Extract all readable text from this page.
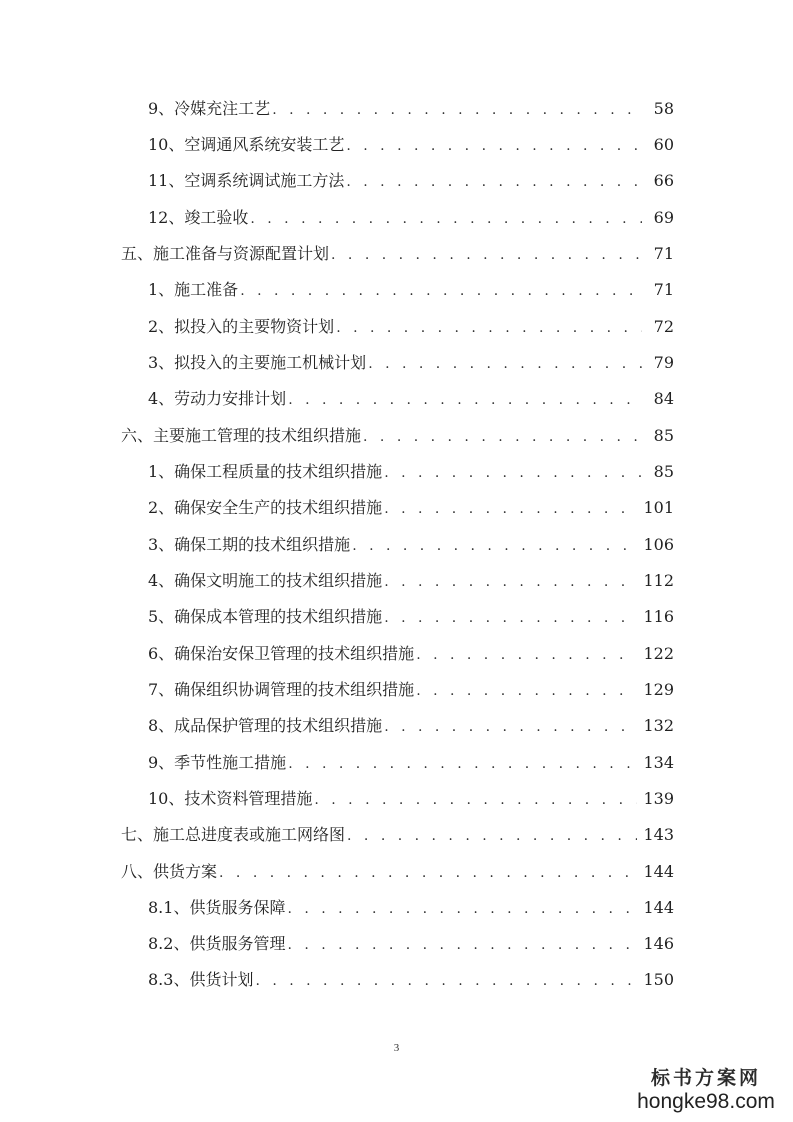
9、冷媒充注工艺 . . .	58
10、空调通风系统安装工艺 . . .	60
11、空调系统调试施工方法 . . .	66
12、竣工验收 . . .	69
五、施工准备与资源配置计划 . . .	71
1、施工准备 . . .	71
2、拟投入的主要物资计划 . . .	72
3、拟投入的主要施工机械计划 . . .	79
4、劳动力安排计划 . . .	84
六、主要施工管理的技术组织措施 . . .	85
1、确保工程质量的技术组织措施 . . .	85
2、确保安全生产的技术组织措施 . . .	101
3、确保工期的技术组织措施 . . .	106
4、确保文明施工的技术组织措施 . . .	112
5、确保成本管理的技术组织措施 . . .	116
6、确保治安保卫管理的技术组织措施 . . .	122
7、确保组织协调管理的技术组织措施 . . .	129
8、成品保护管理的技术组织措施 . . .	132
9、季节性施工措施 . . .	134
10、技术资料管理措施 . . .	139
七、施工总进度表或施工网络图 . . .	143
八、供货方案 . . .	144
8.1、供货服务保障 . . .	144
8.2、供货服务管理 . . .	146
8.3、供货计划 . . .	150
3
标书方案网
hongke98.com
